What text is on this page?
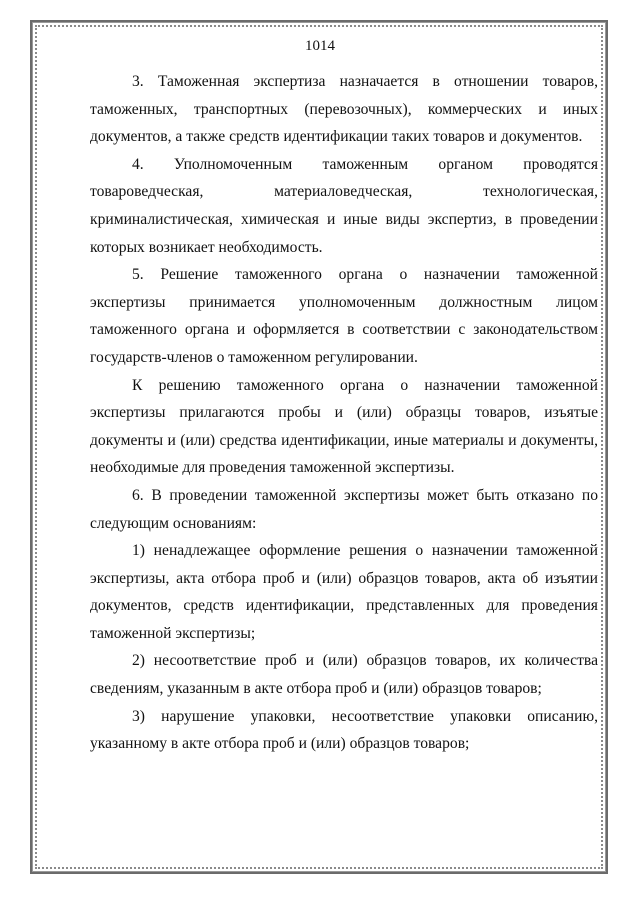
1014

3. Таможенная экспертиза назначается в отношении товаров, таможенных, транспортных (перевозочных), коммерческих и иных документов, а также средств идентификации таких товаров и документов.

4. Уполномоченным таможенным органом проводятся товароведческая, материаловедческая, технологическая, криминалистическая, химическая и иные виды экспертиз, в проведении которых возникает необходимость.

5. Решение таможенного органа о назначении таможенной экспертизы принимается уполномоченным должностным лицом таможенного органа и оформляется в соответствии с законодательством государств-членов о таможенном регулировании.

К решению таможенного органа о назначении таможенной экспертизы прилагаются пробы и (или) образцы товаров, изъятые документы и (или) средства идентификации, иные материалы и документы, необходимые для проведения таможенной экспертизы.

6. В проведении таможенной экспертизы может быть отказано по следующим основаниям:

1) ненадлежащее оформление решения о назначении таможенной экспертизы, акта отбора проб и (или) образцов товаров, акта об изъятии документов, средств идентификации, представленных для проведения таможенной экспертизы;

2) несоответствие проб и (или) образцов товаров, их количества сведениям, указанным в акте отбора проб и (или) образцов товаров;

3) нарушение упаковки, несоответствие упаковки описанию, указанному в акте отбора проб и (или) образцов товаров;
